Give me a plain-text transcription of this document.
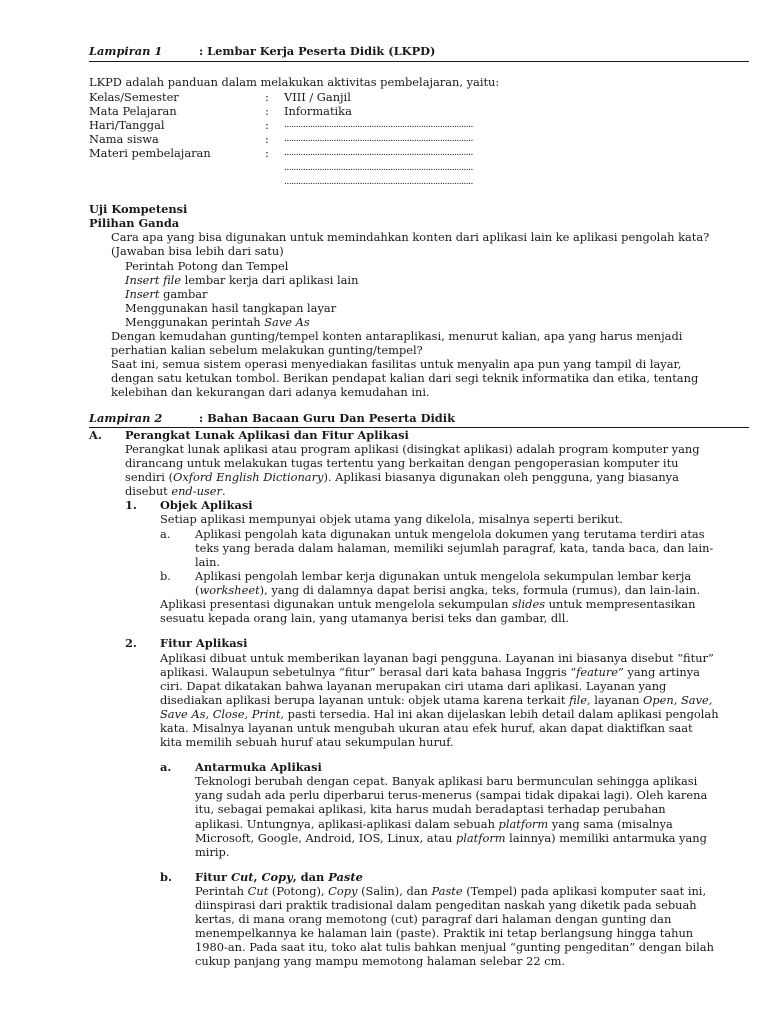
Lampiran 1	: Lembar Kerja Peserta Didik (LKPD)
LKPD adalah panduan dalam melakukan aktivitas pembelajaran, yaitu:
Kelas/Semester	: VIII / Ganjil
Mata Pelajaran	: Informatika
Hari/Tanggal	: ................................................................................
Nama siswa	: ................................................................................
Materi pembelajaran	: ................................................................................
................................................................................
................................................................................
Uji Kompetensi
Pilihan Ganda
Cara apa yang bisa digunakan untuk memindahkan konten dari aplikasi lain ke aplikasi pengolah kata?
(Jawaban bisa lebih dari satu)
Perintah Potong dan Tempel
Insert file lembar kerja dari aplikasi lain
Insert gambar
Menggunakan hasil tangkapan layar
Menggunakan perintah Save As
Dengan kemudahan gunting/tempel konten antaraplikasi, menurut kalian, apa yang harus menjadi
perhatian kalian sebelum melakukan gunting/tempel?
Saat ini, semua sistem operasi menyediakan fasilitas untuk menyalin apa pun yang tampil di layar,
dengan satu ketukan tombol. Berikan pendapat kalian dari segi teknik informatika dan etika, tentang
kelebihan dan kekurangan dari adanya kemudahan ini.
Lampiran 2	: Bahan Bacaan Guru Dan Peserta Didik
A. Perangkat Lunak Aplikasi dan Fitur Aplikasi
Perangkat lunak aplikasi atau program aplikasi (disingkat aplikasi) adalah program komputer yang
dirancang untuk melakukan tugas tertentu yang berkaitan dengan pengoperasian komputer itu
sendiri (Oxford English Dictionary). Aplikasi biasanya digunakan oleh pengguna, yang biasanya
disebut end-user.
1. Objek Aplikasi
Setiap aplikasi mempunyai objek utama yang dikelola, misalnya seperti berikut.
a. Aplikasi pengolah kata digunakan untuk mengelola dokumen yang terutama terdiri atas
teks yang berada dalam halaman, memiliki sejumlah paragraf, kata, tanda baca, dan lain-
lain.
b. Aplikasi pengolah lembar kerja digunakan untuk mengelola sekumpulan lembar kerja
(worksheet), yang di dalamnya dapat berisi angka, teks, formula (rumus), dan lain-lain.
Aplikasi presentasi digunakan untuk mengelola sekumpulan slides untuk mempresentasikan
sesuatu kepada orang lain, yang utamanya berisi teks dan gambar, dll.
2. Fitur Aplikasi
Aplikasi dibuat untuk memberikan layanan bagi pengguna. Layanan ini biasanya disebut “fitur”
aplikasi. Walaupun sebetulnya “fitur” berasal dari kata bahasa Inggris “feature” yang artinya
ciri. Dapat dikatakan bahwa layanan merupakan ciri utama dari aplikasi. Layanan yang
disediakan aplikasi berupa layanan untuk: objek utama karena terkait file, layanan Open, Save,
Save As, Close, Print, pasti tersedia. Hal ini akan dijelaskan lebih detail dalam aplikasi pengolah
kata. Misalnya layanan untuk mengubah ukuran atau efek huruf, akan dapat diaktifkan saat
kita memilih sebuah huruf atau sekumpulan huruf.
a. Antarmuka Aplikasi
Teknologi berubah dengan cepat. Banyak aplikasi baru bermunculan sehingga aplikasi
yang sudah ada perlu diperbarui terus-menerus (sampai tidak dipakai lagi). Oleh karena
itu, sebagai pemakai aplikasi, kita harus mudah beradaptasi terhadap perubahan
aplikasi. Untungnya, aplikasi-aplikasi dalam sebuah platform yang sama (misalnya
Microsoft, Google, Android, IOS, Linux, atau platform lainnya) memiliki antarmuka yang
mirip.
b. Fitur Cut, Copy, dan Paste
Perintah Cut (Potong), Copy (Salin), dan Paste (Tempel) pada aplikasi komputer saat ini,
diinspirasi dari praktik tradisional dalam pengeditan naskah yang diketik pada sebuah
kertas, di mana orang memotong (cut) paragraf dari halaman dengan gunting dan
menempelkannya ke halaman lain (paste). Praktik ini tetap berlangsung hingga tahun
1980-an. Pada saat itu, toko alat tulis bahkan menjual “gunting pengeditan” dengan bilah
cukup panjang yang mampu memotong halaman selebar 22 cm.
